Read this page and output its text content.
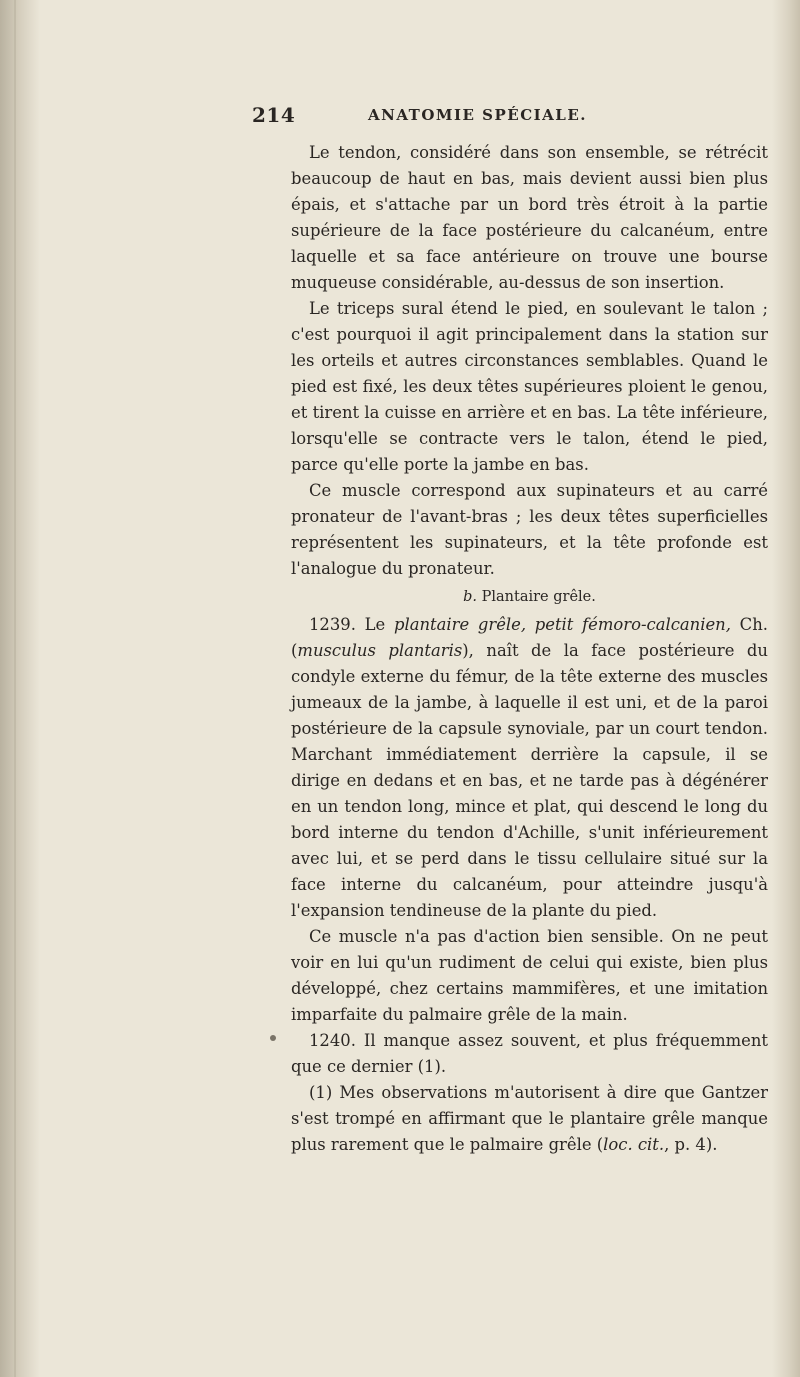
214	ANATOMIE SPÉCIALE.

Le tendon, considéré dans son ensemble, se rétrécit beaucoup de haut en bas, mais devient aussi bien plus épais, et s'attache par un bord très étroit à la partie supérieure de la face postérieure du calcanéum, entre laquelle et sa face antérieure on trouve une bourse muqueuse considérable, au-dessus de son insertion.

Le triceps sural étend le pied, en soulevant le talon ; c'est pourquoi il agit principalement dans la station sur les orteils et autres circonstances semblables. Quand le pied est fixé, les deux têtes supérieures ploient le genou, et tirent la cuisse en arrière et en bas. La tête inférieure, lorsqu'elle se contracte vers le talon, étend le pied, parce qu'elle porte la jambe en bas.

Ce muscle correspond aux supinateurs et au carré pronateur de l'avant-bras ; les deux têtes superficielles représentent les supinateurs, et la tête profonde est l'analogue du pronateur.

b. Plantaire grêle.

1239. Le plantaire grêle, petit fémoro-calcanien, Ch. (musculus plantaris), naît de la face postérieure du condyle externe du fémur, de la tête externe des muscles jumeaux de la jambe, à laquelle il est uni, et de la paroi postérieure de la capsule synoviale, par un court tendon. Marchant immédiatement derrière la capsule, il se dirige en dedans et en bas, et ne tarde pas à dégénérer en un tendon long, mince et plat, qui descend le long du bord interne du tendon d'Achille, s'unit inférieurement avec lui, et se perd dans le tissu cellulaire situé sur la face interne du calcanéum, pour atteindre jusqu'à l'expansion tendineuse de la plante du pied.

Ce muscle n'a pas d'action bien sensible. On ne peut voir en lui qu'un rudiment de celui qui existe, bien plus développé, chez certains mammifères, et une imitation imparfaite du palmaire grêle de la main.

1240. Il manque assez souvent, et plus fréquemment que ce dernier (1).

(1) Mes observations m'autorisent à dire que Gantzer s'est trompé en affirmant que le plantaire grêle manque plus rarement que le palmaire grêle (loc. cit., p. 4).
